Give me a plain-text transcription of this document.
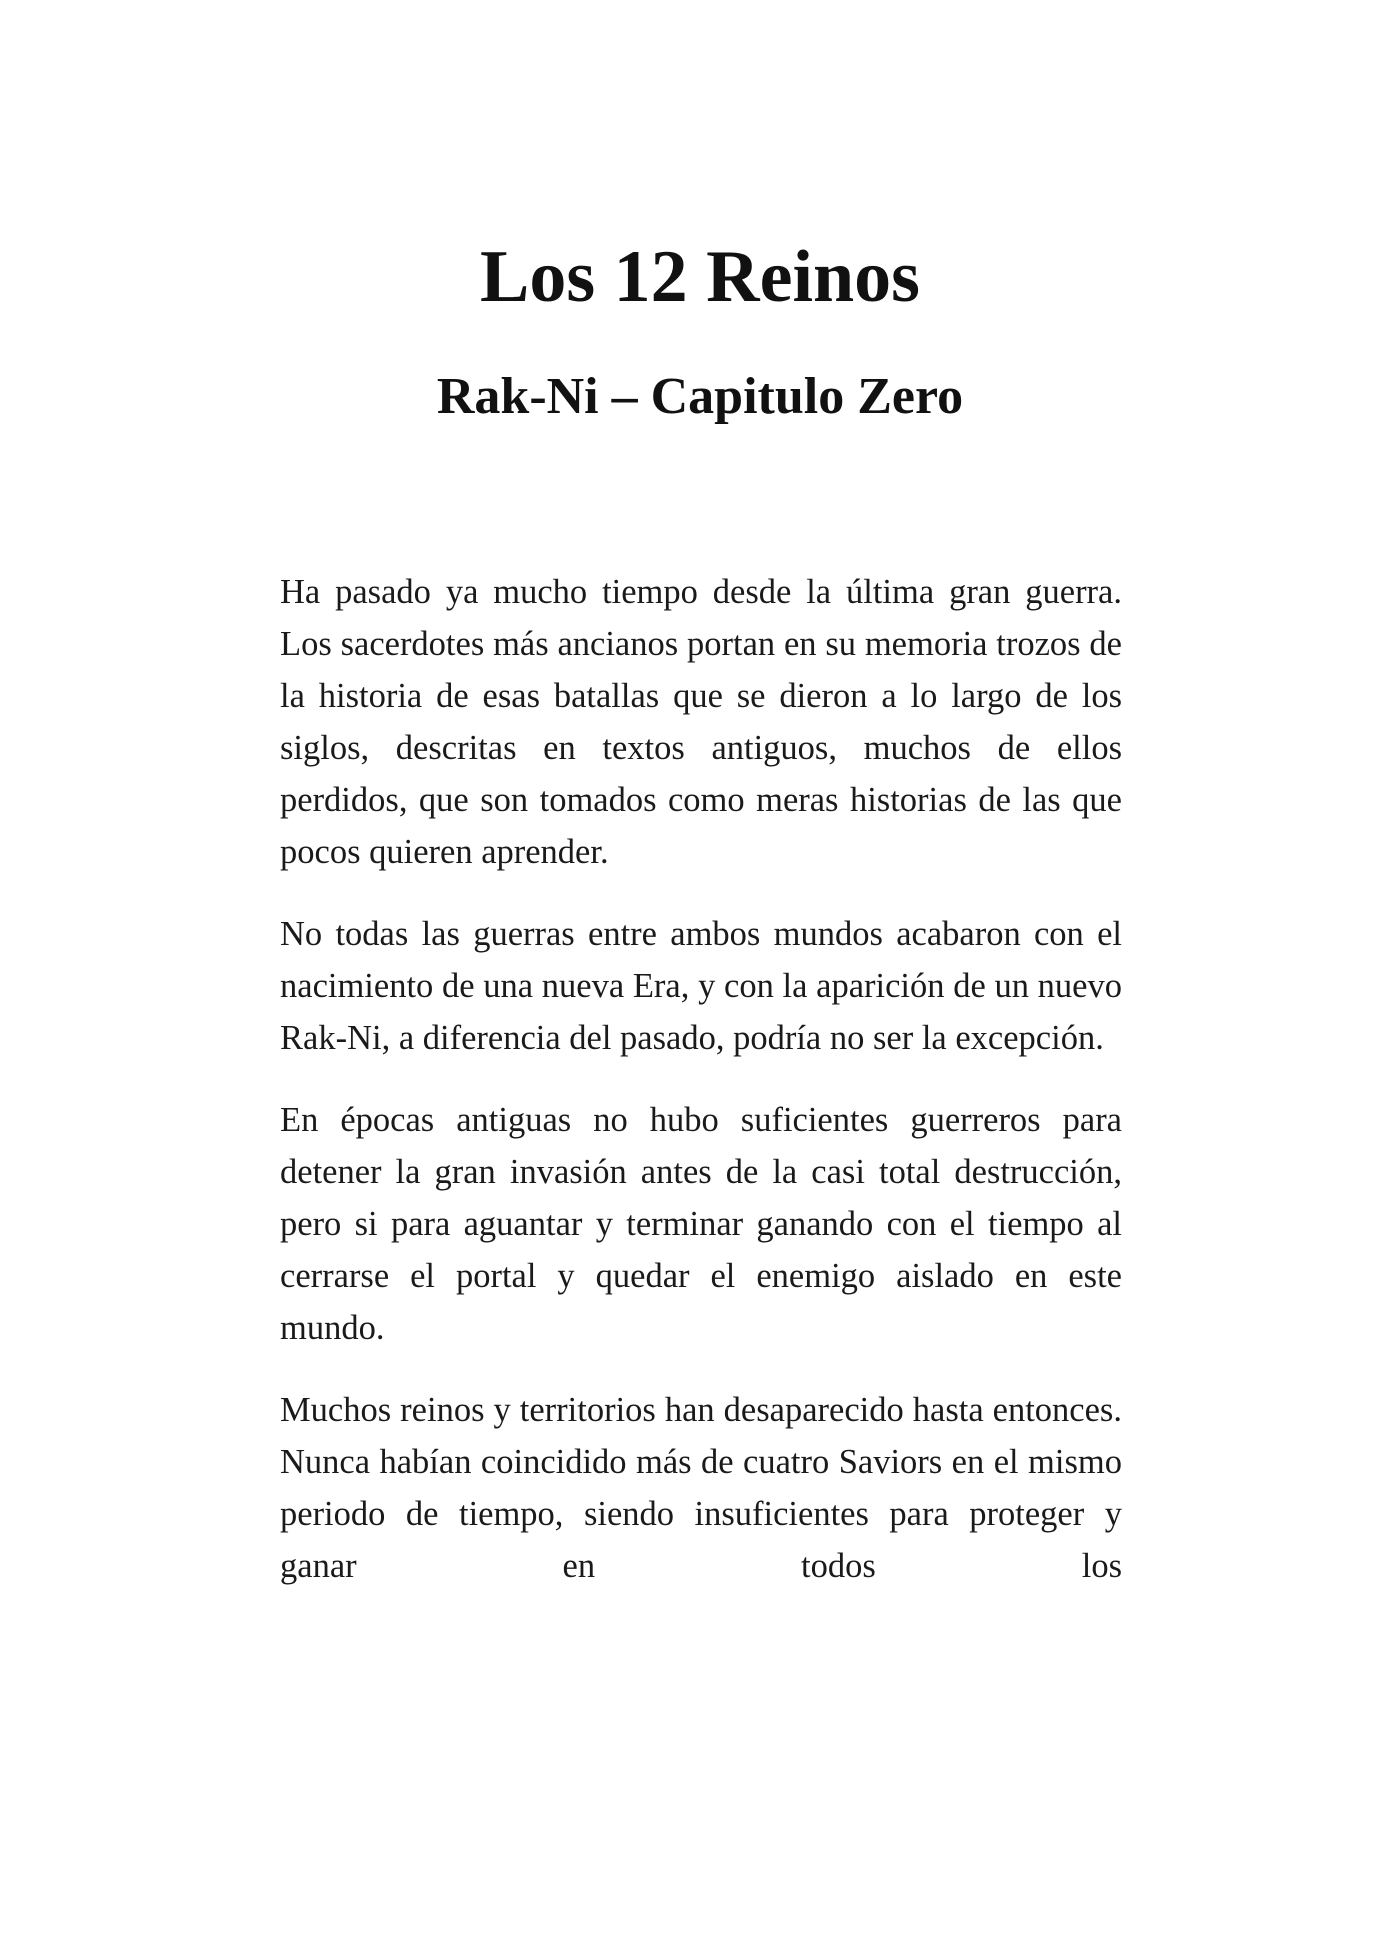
Los 12 Reinos
Rak-Ni – Capitulo Zero

Ha pasado ya mucho tiempo desde la última gran guerra. Los sacerdotes más ancianos portan en su memoria trozos de la historia de esas batallas que se dieron a lo largo de los siglos, descritas en textos antiguos, muchos de ellos perdidos, que son tomados como meras historias de las que pocos quieren aprender.

No todas las guerras entre ambos mundos acabaron con el nacimiento de una nueva Era, y con la aparición de un nuevo Rak-Ni, a diferencia del pasado, podría no ser la excepción.

En épocas antiguas no hubo suficientes guerreros para detener la gran invasión antes de la casi total destrucción, pero si para aguantar y terminar ganando con el tiempo al cerrarse el portal y quedar el enemigo aislado en este mundo.

Muchos reinos y territorios han desaparecido hasta entonces. Nunca habían coincidido más de cuatro Saviors en el mismo periodo de tiempo, siendo insuficientes para proteger y ganar en todos los
